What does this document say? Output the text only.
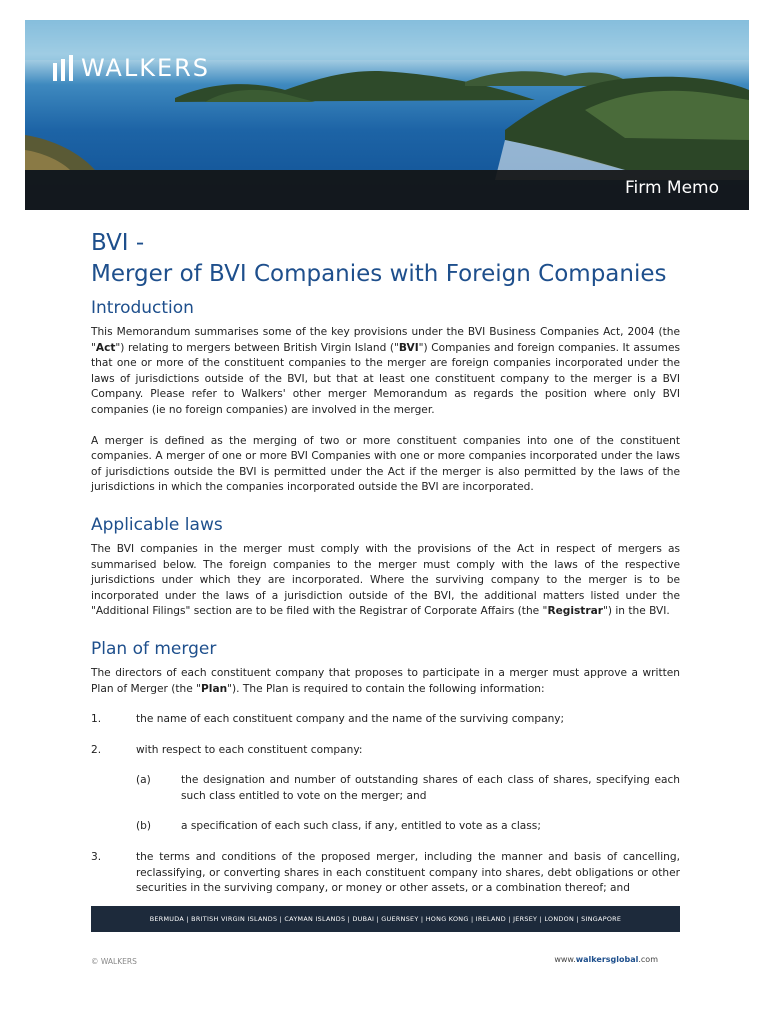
WALKERS
Firm Memo
BVI -
Merger of BVI Companies with Foreign Companies
Introduction

This Memorandum summarises some of the key provisions under the BVI Business Companies Act, 2004 (the "Act") relating to mergers between British Virgin Island ("BVI") Companies and foreign companies. It assumes that one or more of the constituent companies to the merger are foreign companies incorporated under the laws of jurisdictions outside of the BVI, but that at least one constituent company to the merger is a BVI Company. Please refer to Walkers' other merger Memorandum as regards the position where only BVI companies (ie no foreign companies) are involved in the merger.

A merger is defined as the merging of two or more constituent companies into one of the constituent companies. A merger of one or more BVI Companies with one or more companies incorporated under the laws of jurisdictions outside the BVI is permitted under the Act if the merger is also permitted by the laws of the jurisdictions in which the companies incorporated outside the BVI are incorporated.

Applicable laws

The BVI companies in the merger must comply with the provisions of the Act in respect of mergers as summarised below. The foreign companies to the merger must comply with the laws of the respective jurisdictions under which they are incorporated. Where the surviving company to the merger is to be incorporated under the laws of a jurisdiction outside of the BVI, the additional matters listed under the "Additional Filings" section are to be filed with the Registrar of Corporate Affairs (the "Registrar") in the BVI.

Plan of merger

The directors of each constituent company that proposes to participate in a merger must approve a written Plan of Merger (the "Plan"). The Plan is required to contain the following information:

1.	the name of each constituent company and the name of the surviving company;
2.	with respect to each constituent company:
(a)	the designation and number of outstanding shares of each class of shares, specifying each such class entitled to vote on the merger; and
(b)	a specification of each such class, if any, entitled to vote as a class;
3.	the terms and conditions of the proposed merger, including the manner and basis of cancelling, reclassifying, or converting shares in each constituent company into shares, debt obligations or other securities in the surviving company, or money or other assets, or a combination thereof; and
BERMUDA | BRITISH VIRGIN ISLANDS | CAYMAN ISLANDS | DUBAI | GUERNSEY | HONG KONG | IRELAND | JERSEY | LONDON | SINGAPORE
© WALKERS	www.walkersglobal.com
